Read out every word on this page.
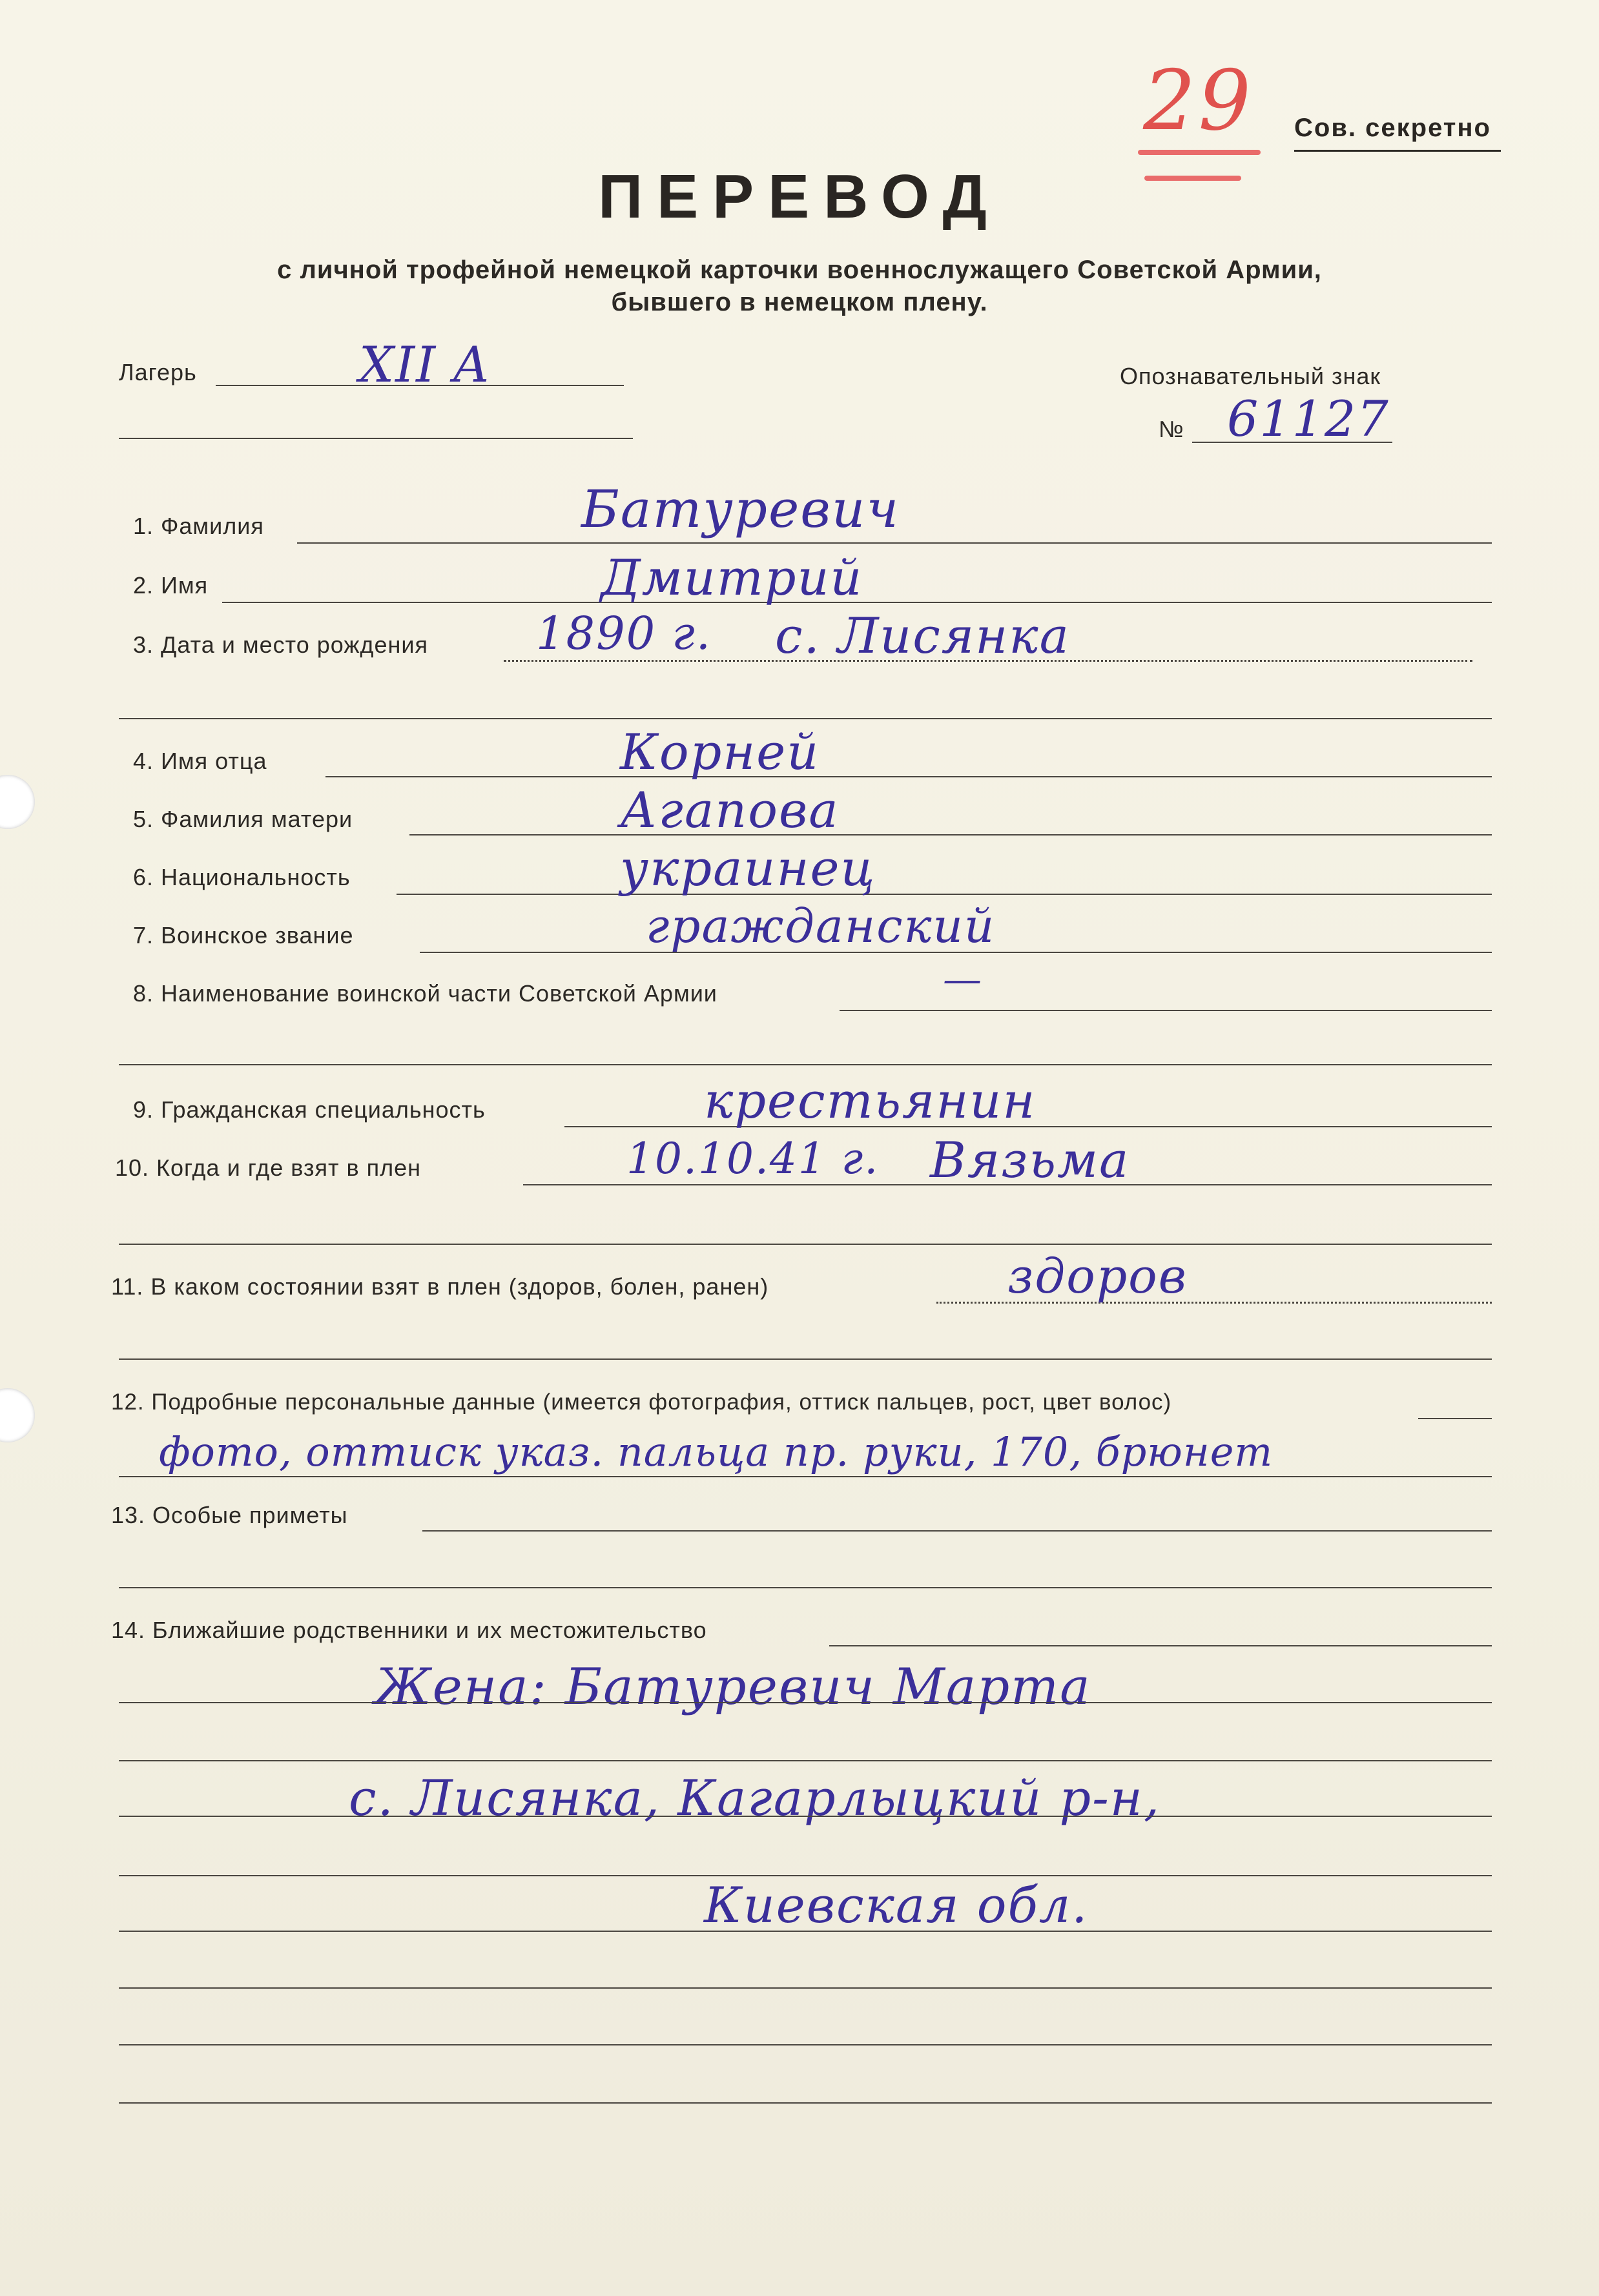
29 Сов. секретно
ПЕРЕВОД
с личной трофейной немецкой карточки военнослужащего Советской Армии,
бывшего в немецком плену.
Лагерь	XII A	Опознавательный знак
№ 61127
1. Фамилия	Батуревич
2. Имя	Дмитрий
3. Дата и место рождения 1890 г. с. Лисянка
4. Имя отца	Корней
5. Фамилия матери	Агапова
6. Национальность	украинец
7. Воинское звание	гражданский
8. Наименование воинской части Советской Армии	—
9. Гражданская специальность	крестьянин
10. Когда и где взят в плен	10.10.41 г. Вязьма
11. В каком состоянии взят в плен (здоров, болен, ранен)	здоров
12. Подробные персональные данные (имеется фотография, оттиск пальцев, рост, цвет волос)
фото, оттиск указ. пальца пр. руки, 170, брюнет
13. Особые приметы
14. Ближайшие родственники и их местожительство
Жена: Батуревич Марта
с. Лисянка, Кагарлыцкий р-н,
Киевская обл.
